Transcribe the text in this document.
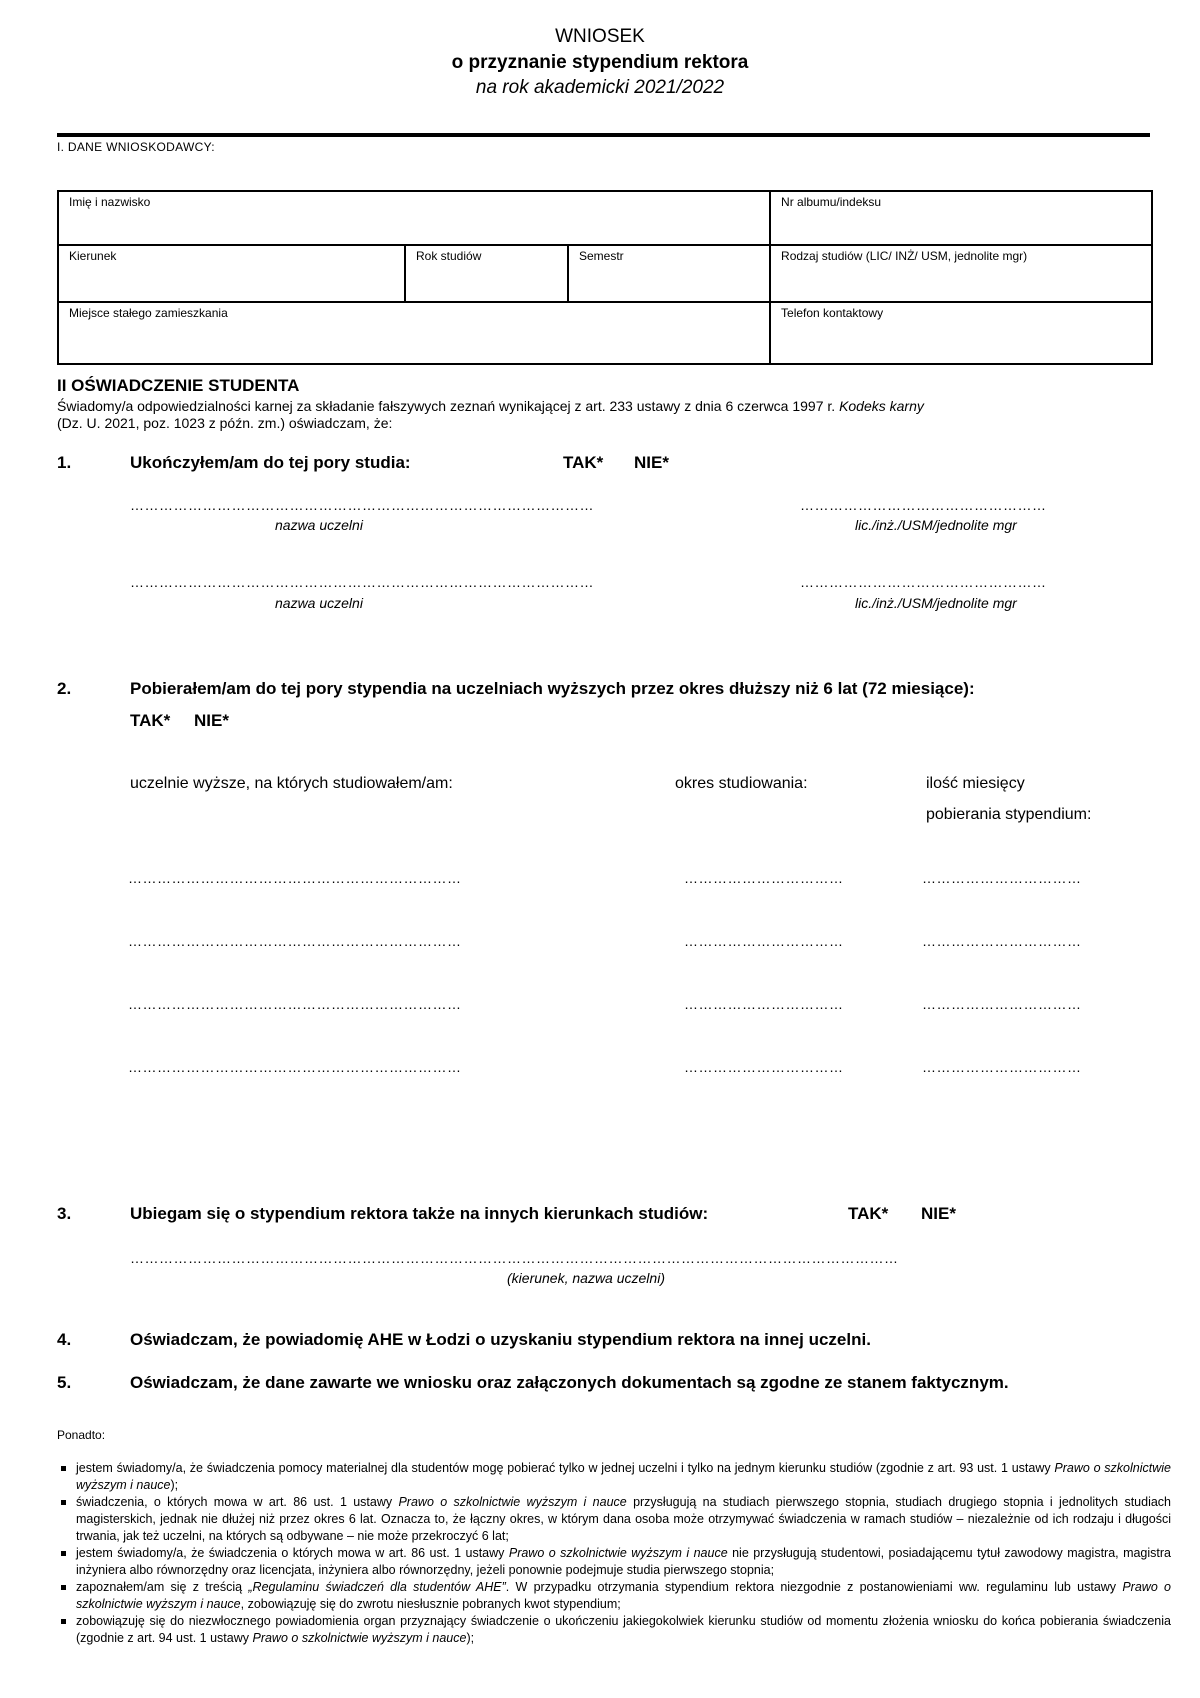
WNIOSEK
o przyznanie stypendium rektora
na rok akademicki 2021/2022
I. DANE WNIOSKODAWCY:
Imię i nazwisko			Nr albumu/indeksu
Kierunek	Rok studiów	Semestr	Rodzaj studiów (LIC/ INŻ/ USM, jednolite mgr)
Miejsce stałego zamieszkania			Telefon kontaktowy
II OŚWIADCZENIE STUDENTA
Świadomy/a odpowiedzialności karnej za składanie fałszywych zeznań wynikającej z art. 233 ustawy z dnia 6 czerwca 1997 r. Kodeks karny
(Dz. U. 2021, poz. 1023 z późn. zm.) oświadczam, że:
1.	Ukończyłem/am do tej pory studia:	TAK* NIE*
……………………………………………………………………………………	……………………………………………
nazwa uczelni	lic./inż./USM/jednolite mgr
……………………………………………………………………………………	……………………………………………
nazwa uczelni	lic./inż./USM/jednolite mgr
2.	Pobierałem/am do tej pory stypendia na uczelniach wyższych przez okres dłuższy niż 6 lat (72 miesiące):
TAK* NIE*
uczelnie wyższe, na których studiowałem/am:	okres studiowania:	ilość miesięcy
pobierania stypendium:
……………………………………………………………	……………………………	……………………………
……………………………………………………………	……………………………	……………………………
……………………………………………………………	……………………………	……………………………
……………………………………………………………	……………………………	……………………………
3.	Ubiegam się o stypendium rektora także na innych kierunkach studiów:	TAK* NIE*
……………………………………………………………………………………………………………………………………………
(kierunek, nazwa uczelni)
4.	Oświadczam, że powiadomię AHE w Łodzi o uzyskaniu stypendium rektora na innej uczelni.
5.	Oświadczam, że dane zawarte we wniosku oraz załączonych dokumentach są zgodne ze stanem faktycznym.
Ponadto:
jestem świadomy/a, że świadczenia pomocy materialnej dla studentów mogę pobierać tylko w jednej uczelni i tylko na jednym kierunku studiów (zgodnie z art. 93 ust. 1 ustawy Prawo o szkolnictwie wyższym i nauce);
świadczenia, o których mowa w art. 86 ust. 1 ustawy Prawo o szkolnictwie wyższym i nauce przysługują na studiach pierwszego stopnia, studiach drugiego stopnia i jednolitych studiach magisterskich, jednak nie dłużej niż przez okres 6 lat. Oznacza to, że łączny okres, w którym dana osoba może otrzymywać świadczenia w ramach studiów – niezależnie od ich rodzaju i długości trwania, jak też uczelni, na których są odbywane – nie może przekroczyć 6 lat;
jestem świadomy/a, że świadczenia o których mowa w art. 86 ust. 1 ustawy Prawo o szkolnictwie wyższym i nauce nie przysługują studentowi, posiadającemu tytuł zawodowy magistra, magistra inżyniera albo równorzędny oraz licencjata, inżyniera albo równorzędny, jeżeli ponownie podejmuje studia pierwszego stopnia;
zapoznałem/am się z treścią „Regulaminu świadczeń dla studentów AHE”. W przypadku otrzymania stypendium rektora niezgodnie z postanowieniami ww. regulaminu lub ustawy Prawo o szkolnictwie wyższym i nauce, zobowiązuję się do zwrotu niesłusznie pobranych kwot stypendium;
zobowiązuję się do niezwłocznego powiadomienia organ przyznający świadczenie o ukończeniu jakiegokolwiek kierunku studiów od momentu złożenia wniosku do końca pobierania świadczenia (zgodnie z art. 94 ust. 1 ustawy Prawo o szkolnictwie wyższym i nauce);
